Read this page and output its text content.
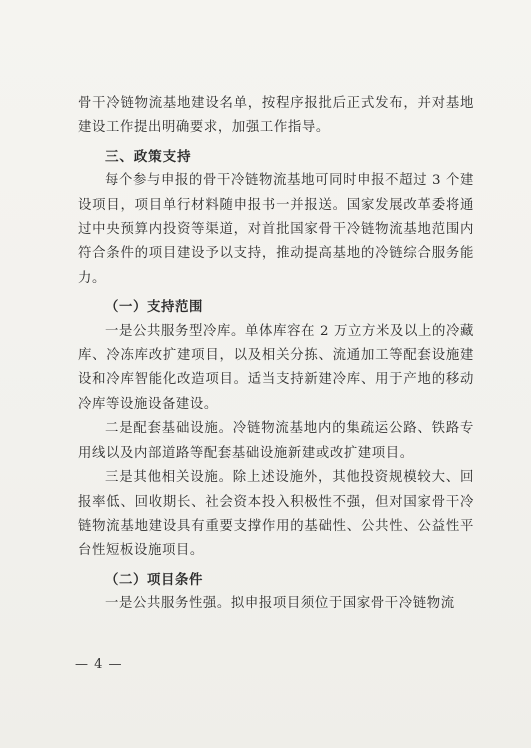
骨干冷链物流基地建设名单，按程序报批后正式发布，并对基地建设工作提出明确要求，加强工作指导。

三、政策支持

每个参与申报的骨干冷链物流基地可同时申报不超过 3 个建设项目，项目单行材料随申报书一并报送。国家发展改革委将通过中央预算内投资等渠道，对首批国家骨干冷链物流基地范围内符合条件的项目建设予以支持，推动提高基地的冷链综合服务能力。

（一）支持范围

一是公共服务型冷库。单体库容在 2 万立方米及以上的冷藏库、冷冻库改扩建项目，以及相关分拣、流通加工等配套设施建设和冷库智能化改造项目。适当支持新建冷库、用于产地的移动冷库等设施设备建设。

二是配套基础设施。冷链物流基地内的集疏运公路、铁路专用线以及内部道路等配套基础设施新建或改扩建项目。

三是其他相关设施。除上述设施外，其他投资规模较大、回报率低、回收期长、社会资本投入积极性不强，但对国家骨干冷链物流基地建设具有重要支撑作用的基础性、公共性、公益性平台性短板设施项目。

（二）项目条件

一是公共服务性强。拟申报项目须位于国家骨干冷链物流

— 4 —
